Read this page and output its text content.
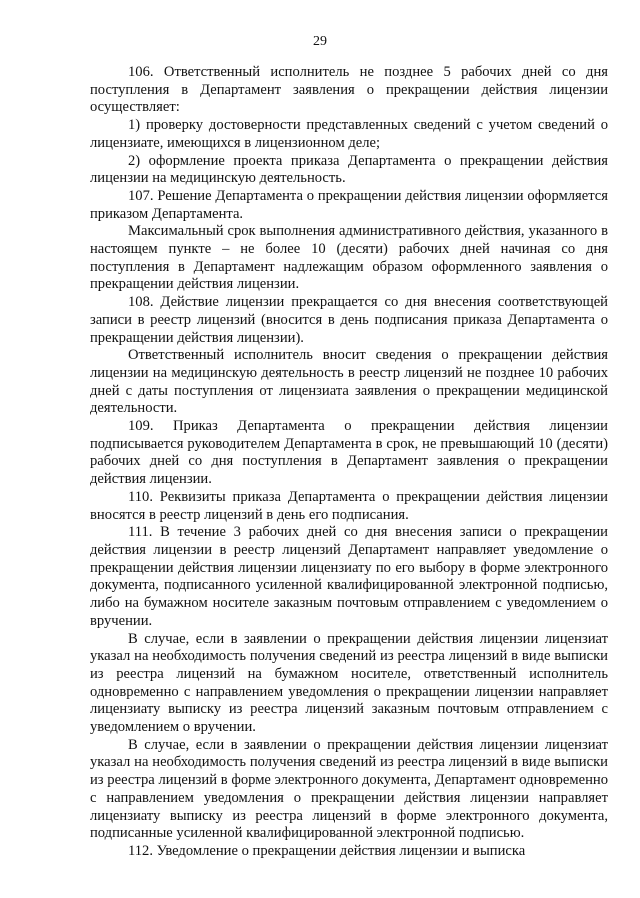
29

106. Ответственный исполнитель не позднее 5 рабочих дней со дня поступления в Департамент заявления о прекращении действия лицензии осуществляет:

1) проверку достоверности представленных сведений с учетом сведений о лицензиате, имеющихся в лицензионном деле;

2) оформление проекта приказа Департамента о прекращении действия лицензии на медицинскую деятельность.

107. Решение Департамента о прекращении действия лицензии оформляется приказом Департамента.

Максимальный срок выполнения административного действия, указанного в настоящем пункте – не более 10 (десяти) рабочих дней начиная со дня поступления в Департамент надлежащим образом оформленного заявления о прекращении действия лицензии.

108. Действие лицензии прекращается со дня внесения соответствующей записи в реестр лицензий (вносится в день подписания приказа Департамента о прекращении действия лицензии).

Ответственный исполнитель вносит сведения о прекращении действия лицензии на медицинскую деятельность в реестр лицензий не позднее 10 рабочих дней с даты поступления от лицензиата заявления о прекращении медицинской деятельности.

109. Приказ Департамента о прекращении действия лицензии подписывается руководителем Департамента в срок, не превышающий 10 (десяти) рабочих дней со дня поступления в Департамент заявления о прекращении действия лицензии.

110. Реквизиты приказа Департамента о прекращении действия лицензии вносятся в реестр лицензий в день его подписания.

111. В течение 3 рабочих дней со дня внесения записи о прекращении действия лицензии в реестр лицензий Департамент направляет уведомление о прекращении действия лицензии лицензиату по его выбору в форме электронного документа, подписанного усиленной квалифицированной электронной подписью, либо на бумажном носителе заказным почтовым отправлением с уведомлением о вручении.

В случае, если в заявлении о прекращении действия лицензии лицензиат указал на необходимость получения сведений из реестра лицензий в виде выписки из реестра лицензий на бумажном носителе, ответственный исполнитель одновременно с направлением уведомления о прекращении лицензии направляет лицензиату выписку из реестра лицензий заказным почтовым отправлением с уведомлением о вручении.

В случае, если в заявлении о прекращении действия лицензии лицензиат указал на необходимость получения сведений из реестра лицензий в виде выписки из реестра лицензий в форме электронного документа, Департамент одновременно с направлением уведомления о прекращении действия лицензии направляет лицензиату выписку из реестра лицензий в форме электронного документа, подписанные усиленной квалифицированной электронной подписью.

112. Уведомление о прекращении действия лицензии и выписка
